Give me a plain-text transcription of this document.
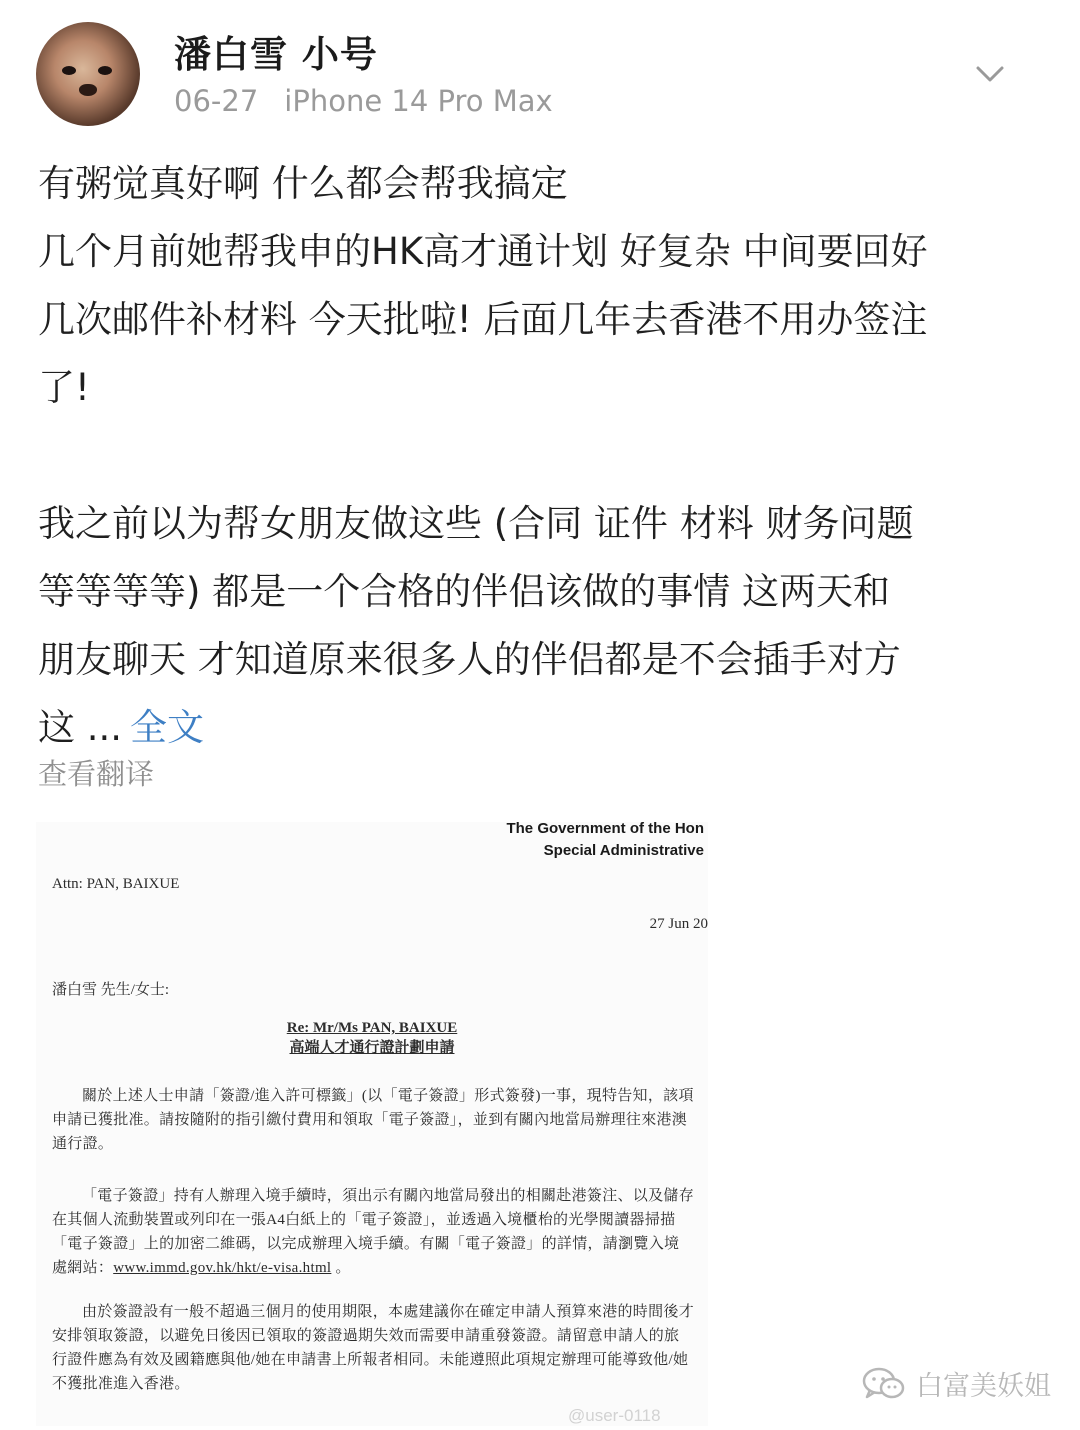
潘白雪 小号
06-27 iPhone 14 Pro Max

有粥觉真好啊 什么都会帮我搞定

几个月前她帮我申的HK高才通计划 好复杂 中间要回好

几次邮件补材料 今天批啦! 后面几年去香港不用办签注

了!

我之前以为帮女朋友做这些 (合同 证件 材料 财务问题

等等等等) 都是一个合格的伴侣该做的事情 这两天和

朋友聊天 才知道原来很多人的伴侣都是不会插手对方

这 ... 全文

查看翻译
The Government of the Hon
Special Administrative
Attn: PAN, BAIXUE
27 Jun 20
潘白雪 先生/女士:
Re: Mr/Ms PAN, BAIXUE
高端人才通行證計劃申請
關於上述人士申請「簽證/進入許可標籤」(以「電子簽證」形式簽發)一事，現特告知，該項申請已獲批准。請按隨附的指引繳付費用和領取「電子簽證」，並到有關內地當局辦理往來港澳通行證。
「電子簽證」持有人辦理入境手續時，須出示有關內地當局發出的相關赴港簽注、以及儲存在其個人流動裝置或列印在一張A4白紙上的「電子簽證」，並透過入境櫃枱的光學閱讀器掃描「電子簽證」上的加密二維碼，以完成辦理入境手續。有關「電子簽證」的詳情，請瀏覽入境處網站：www.immd.gov.hk/hkt/e-visa.html 。
由於簽證設有一般不超過三個月的使用期限，本處建議你在確定申請人預算來港的時間後才安排領取簽證，以避免日後因已領取的簽證過期失效而需要申請重發簽證。請留意申請人的旅行證件應為有效及國籍應與他/她在申請書上所報者相同。未能遵照此項規定辦理可能導致他/她不獲批准進入香港。
@user-0118
白富美妖姐
